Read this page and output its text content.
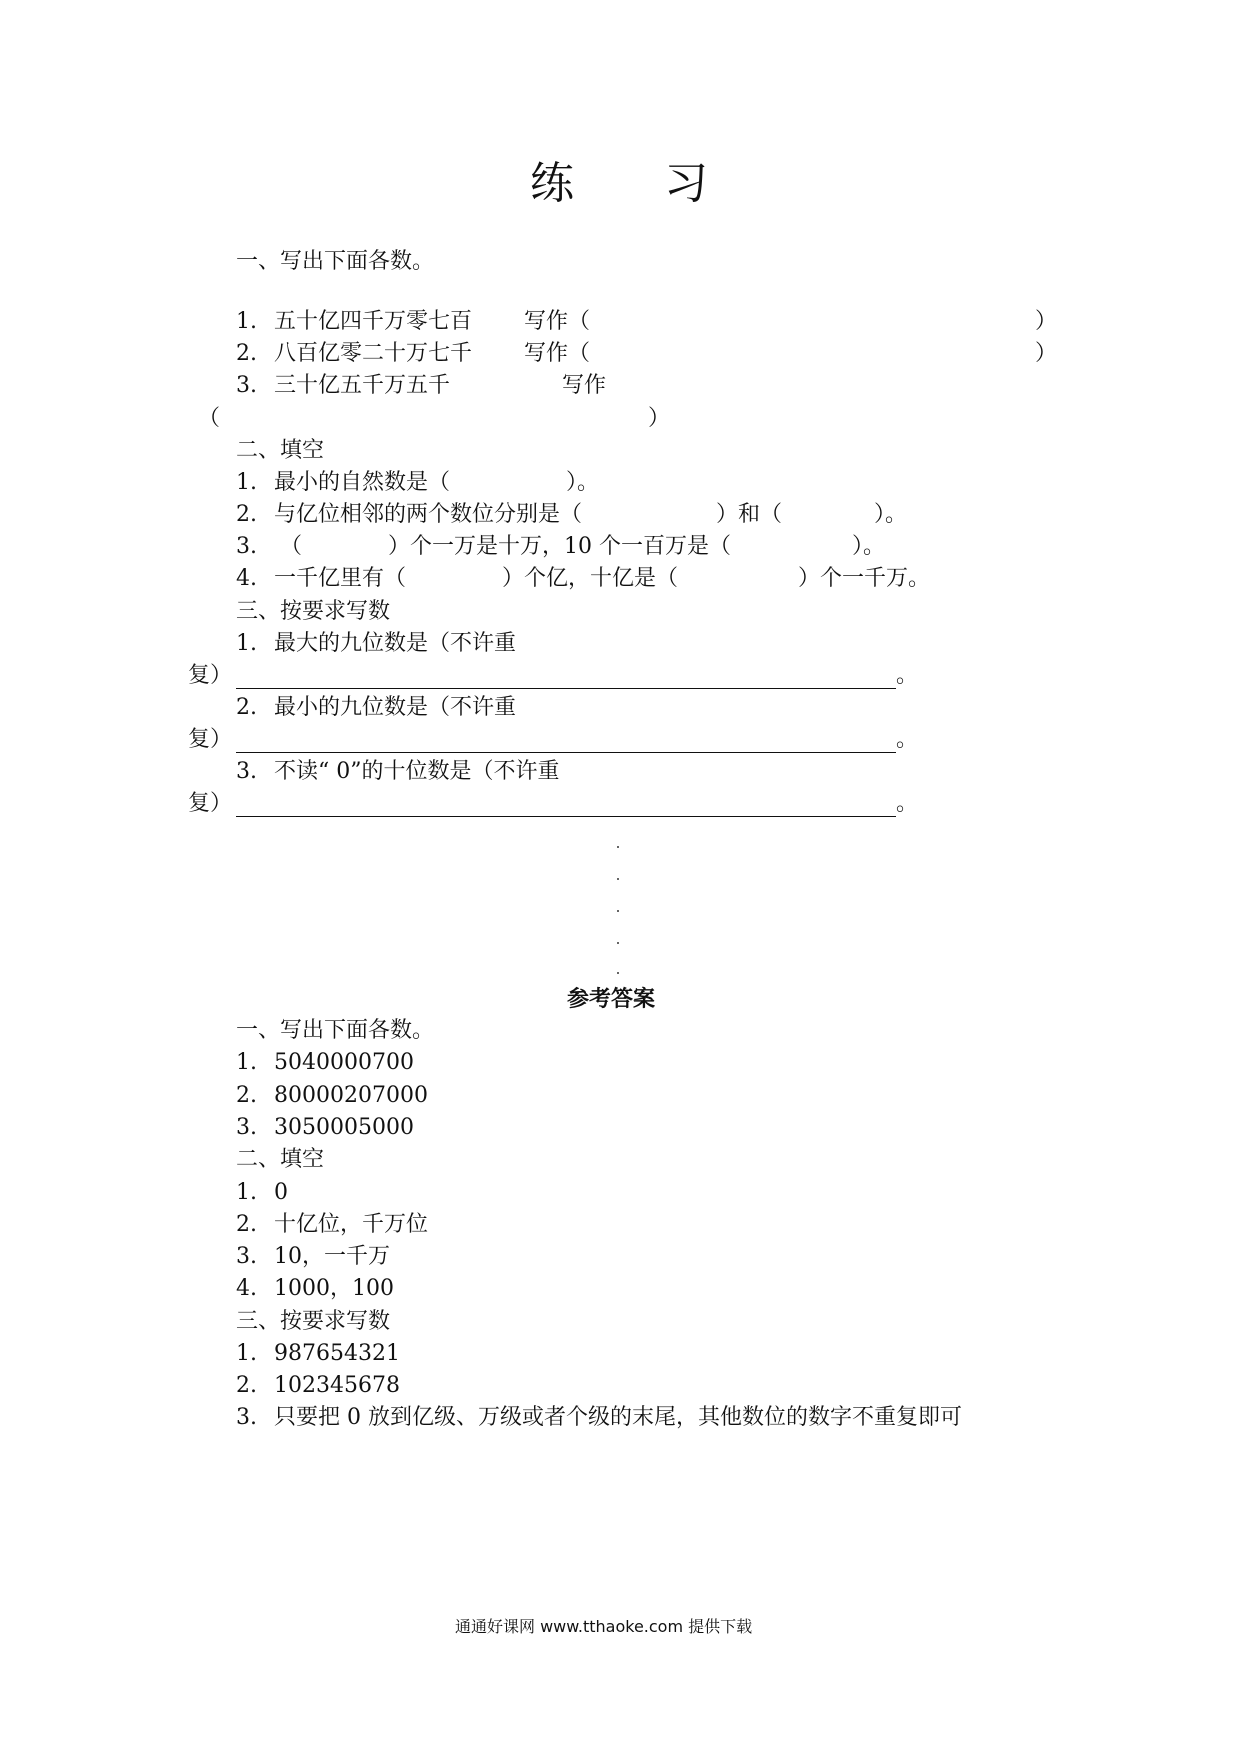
练 习
一、写出下面各数。
1. 五十亿四千万零七百 写作（	）
2. 八百亿零二十万七千 写作（	）
3. 三十亿五千万五千	写作
（	）
二、填空
1. 最小的自然数是（	）。
2. 与亿位相邻的两个数位分别是（	）和（	）。
3. （	）个一万是十万，10 个一百万是（	）。
4. 一千亿里有（	）个亿，十亿是（	）个一千万。
三、按要求写数
1. 最大的九位数是（不许重
复）	。
2. 最小的九位数是（不许重
复）	。
3. 不读“ 0”的十位数是（不许重
复）	。
参考答案
一、写出下面各数。
1. 5040000700
2. 80000207000
3. 3050005000
二、填空
1. 0
2. 十亿位，千万位
3. 10，一千万
4. 1000，100
三、按要求写数
1. 987654321
2. 102345678
3. 只要把 0 放到亿级、万级或者个级的末尾，其他数位的数字不重复即可
通通好课网 www.tthaoke.com 提供下载
